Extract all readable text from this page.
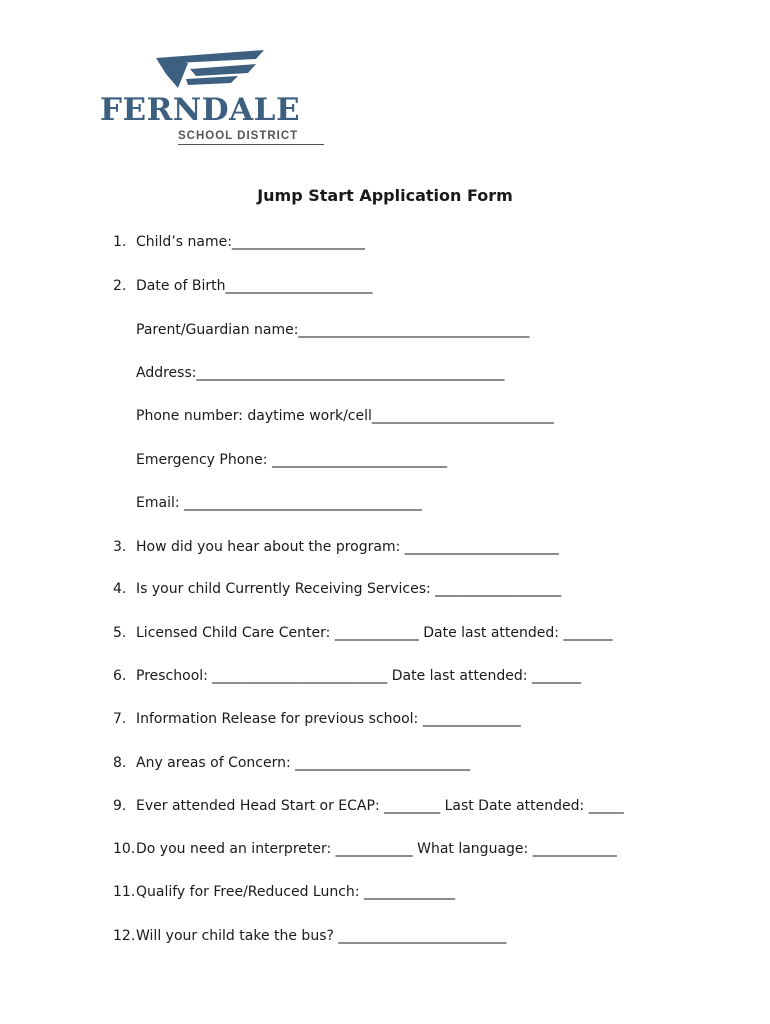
FERNDALE
SCHOOL DISTRICT
Jump Start Application Form
1. Child’s name:___________________
2. Date of Birth_____________________
Parent/Guardian name:_________________________________
Address:____________________________________________
Phone number: daytime work/cell__________________________
Emergency Phone: _________________________
Email: __________________________________
3. How did you hear about the program: ______________________
4. Is your child Currently Receiving Services: __________________
5. Licensed Child Care Center: ____________ Date last attended: _______
6. Preschool: _________________________ Date last attended: _______
7. Information Release for previous school: ______________
8. Any areas of Concern: _________________________
9. Ever attended Head Start or ECAP: ________ Last Date attended: _____
10.Do you need an interpreter: ___________ What language: ____________
11.Qualify for Free/Reduced Lunch: _____________
12.Will your child take the bus? ________________________
